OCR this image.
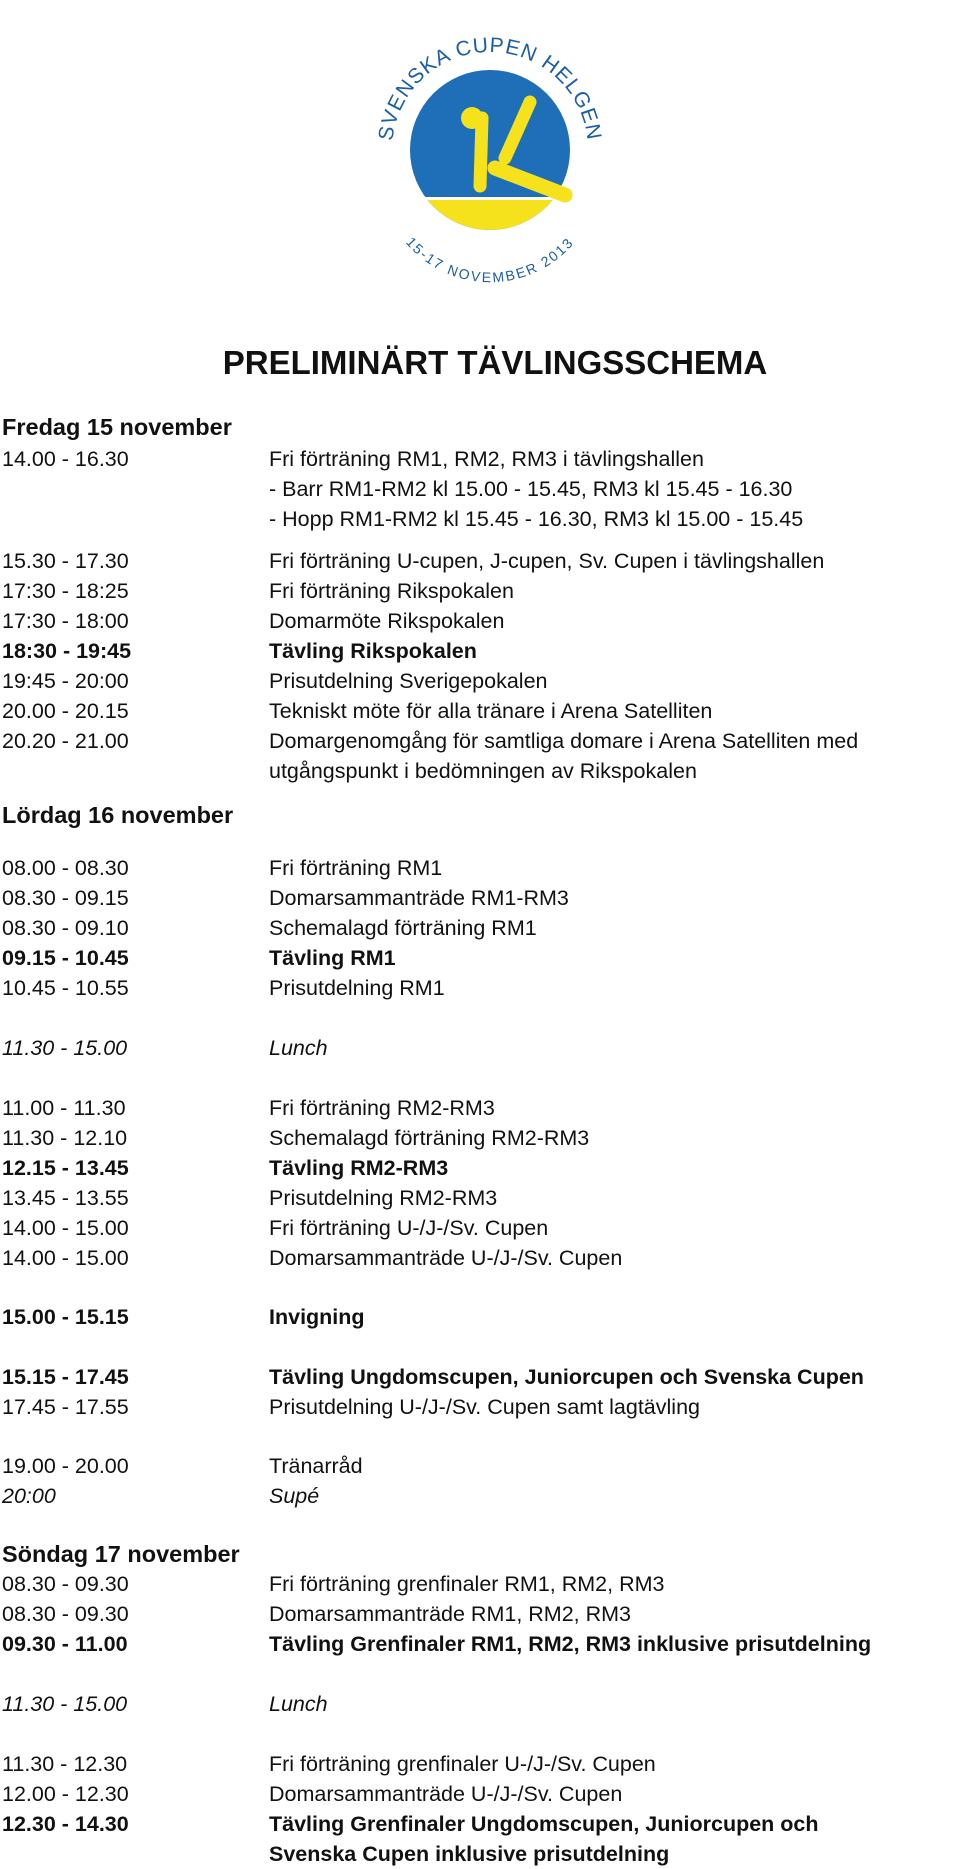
SVENSKA CUPEN HELGEN
15-17 NOVEMBER 2013
PRELIMINÄRT TÄVLINGSSCHEMA
Fredag 15 november
14.00 - 16.30	Fri förträning RM1, RM2, RM3 i tävlingshallen
- Barr RM1-RM2 kl 15.00 - 15.45, RM3 kl 15.45 - 16.30
- Hopp RM1-RM2 kl 15.45 - 16.30, RM3 kl 15.00 - 15.45
15.30 - 17.30	Fri förträning U-cupen, J-cupen, Sv. Cupen i tävlingshallen
17:30 - 18:25	Fri förträning Rikspokalen
17:30 - 18:00	Domarmöte Rikspokalen
18:30 - 19:45	Tävling Rikspokalen
19:45 - 20:00	Prisutdelning Sverigepokalen
20.00 - 20.15	Tekniskt möte för alla tränare i Arena Satelliten
20.20 - 21.00	Domargenomgång för samtliga domare i Arena Satelliten med
utgångspunkt i bedömningen av Rikspokalen
Lördag 16 november
08.00 - 08.30	Fri förträning RM1
08.30 - 09.15	Domarsammanträde RM1-RM3
08.30 - 09.10	Schemalagd förträning RM1
09.15 - 10.45	Tävling RM1
10.45 - 10.55	Prisutdelning RM1
11.30 - 15.00	Lunch
11.00 - 11.30	Fri förträning RM2-RM3
11.30 - 12.10	Schemalagd förträning RM2-RM3
12.15 - 13.45	Tävling RM2-RM3
13.45 - 13.55	Prisutdelning RM2-RM3
14.00 - 15.00	Fri förträning U-/J-/Sv. Cupen
14.00 - 15.00	Domarsammanträde U-/J-/Sv. Cupen
15.00 - 15.15	Invigning
15.15 - 17.45	Tävling Ungdomscupen, Juniorcupen och Svenska Cupen
17.45 - 17.55	Prisutdelning U-/J-/Sv. Cupen samt lagtävling
19.00 - 20.00	Tränarråd
20:00	Supé
Söndag 17 november
08.30 - 09.30	Fri förträning grenfinaler RM1, RM2, RM3
08.30 - 09.30	Domarsammanträde RM1, RM2, RM3
09.30 - 11.00	Tävling Grenfinaler RM1, RM2, RM3 inklusive prisutdelning
11.30 - 15.00	Lunch
11.30 - 12.30	Fri förträning grenfinaler U-/J-/Sv. Cupen
12.00 - 12.30	Domarsammanträde U-/J-/Sv. Cupen
12.30 - 14.30	Tävling Grenfinaler Ungdomscupen, Juniorcupen och
Svenska Cupen inklusive prisutdelning
